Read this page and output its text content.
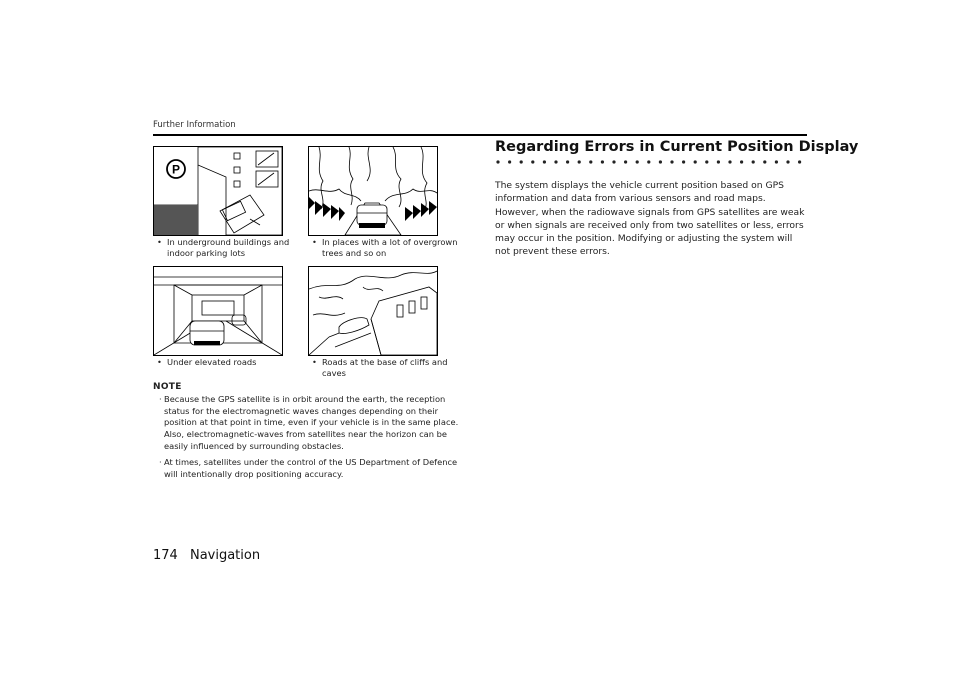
Further Information
P
• In underground buildings and indoor parking lots
• In places with a lot of overgrown trees and so on
• Under elevated roads	• Roads at the base of cliffs and caves
NOTE
· Because the GPS satellite is in orbit around the earth, the reception status for the electromagnetic waves changes depending on their position at that point in time, even if your vehicle is in the same place. Also, electromagnetic-waves from satellites near the horizon can be easily influenced by surrounding obstacles.
· At times, satellites under the control of the US Department of Defence will intentionally drop positioning accuracy.
Regarding Errors in Current Position Display
The system displays the vehicle current position based on GPS information and data from various sensors and road maps. However, when the radiowave signals from GPS satellites are weak or when signals are received only from two satellites or less, errors may occur in the position. Modifying or adjusting the system will not prevent these errors.
174 Navigation
